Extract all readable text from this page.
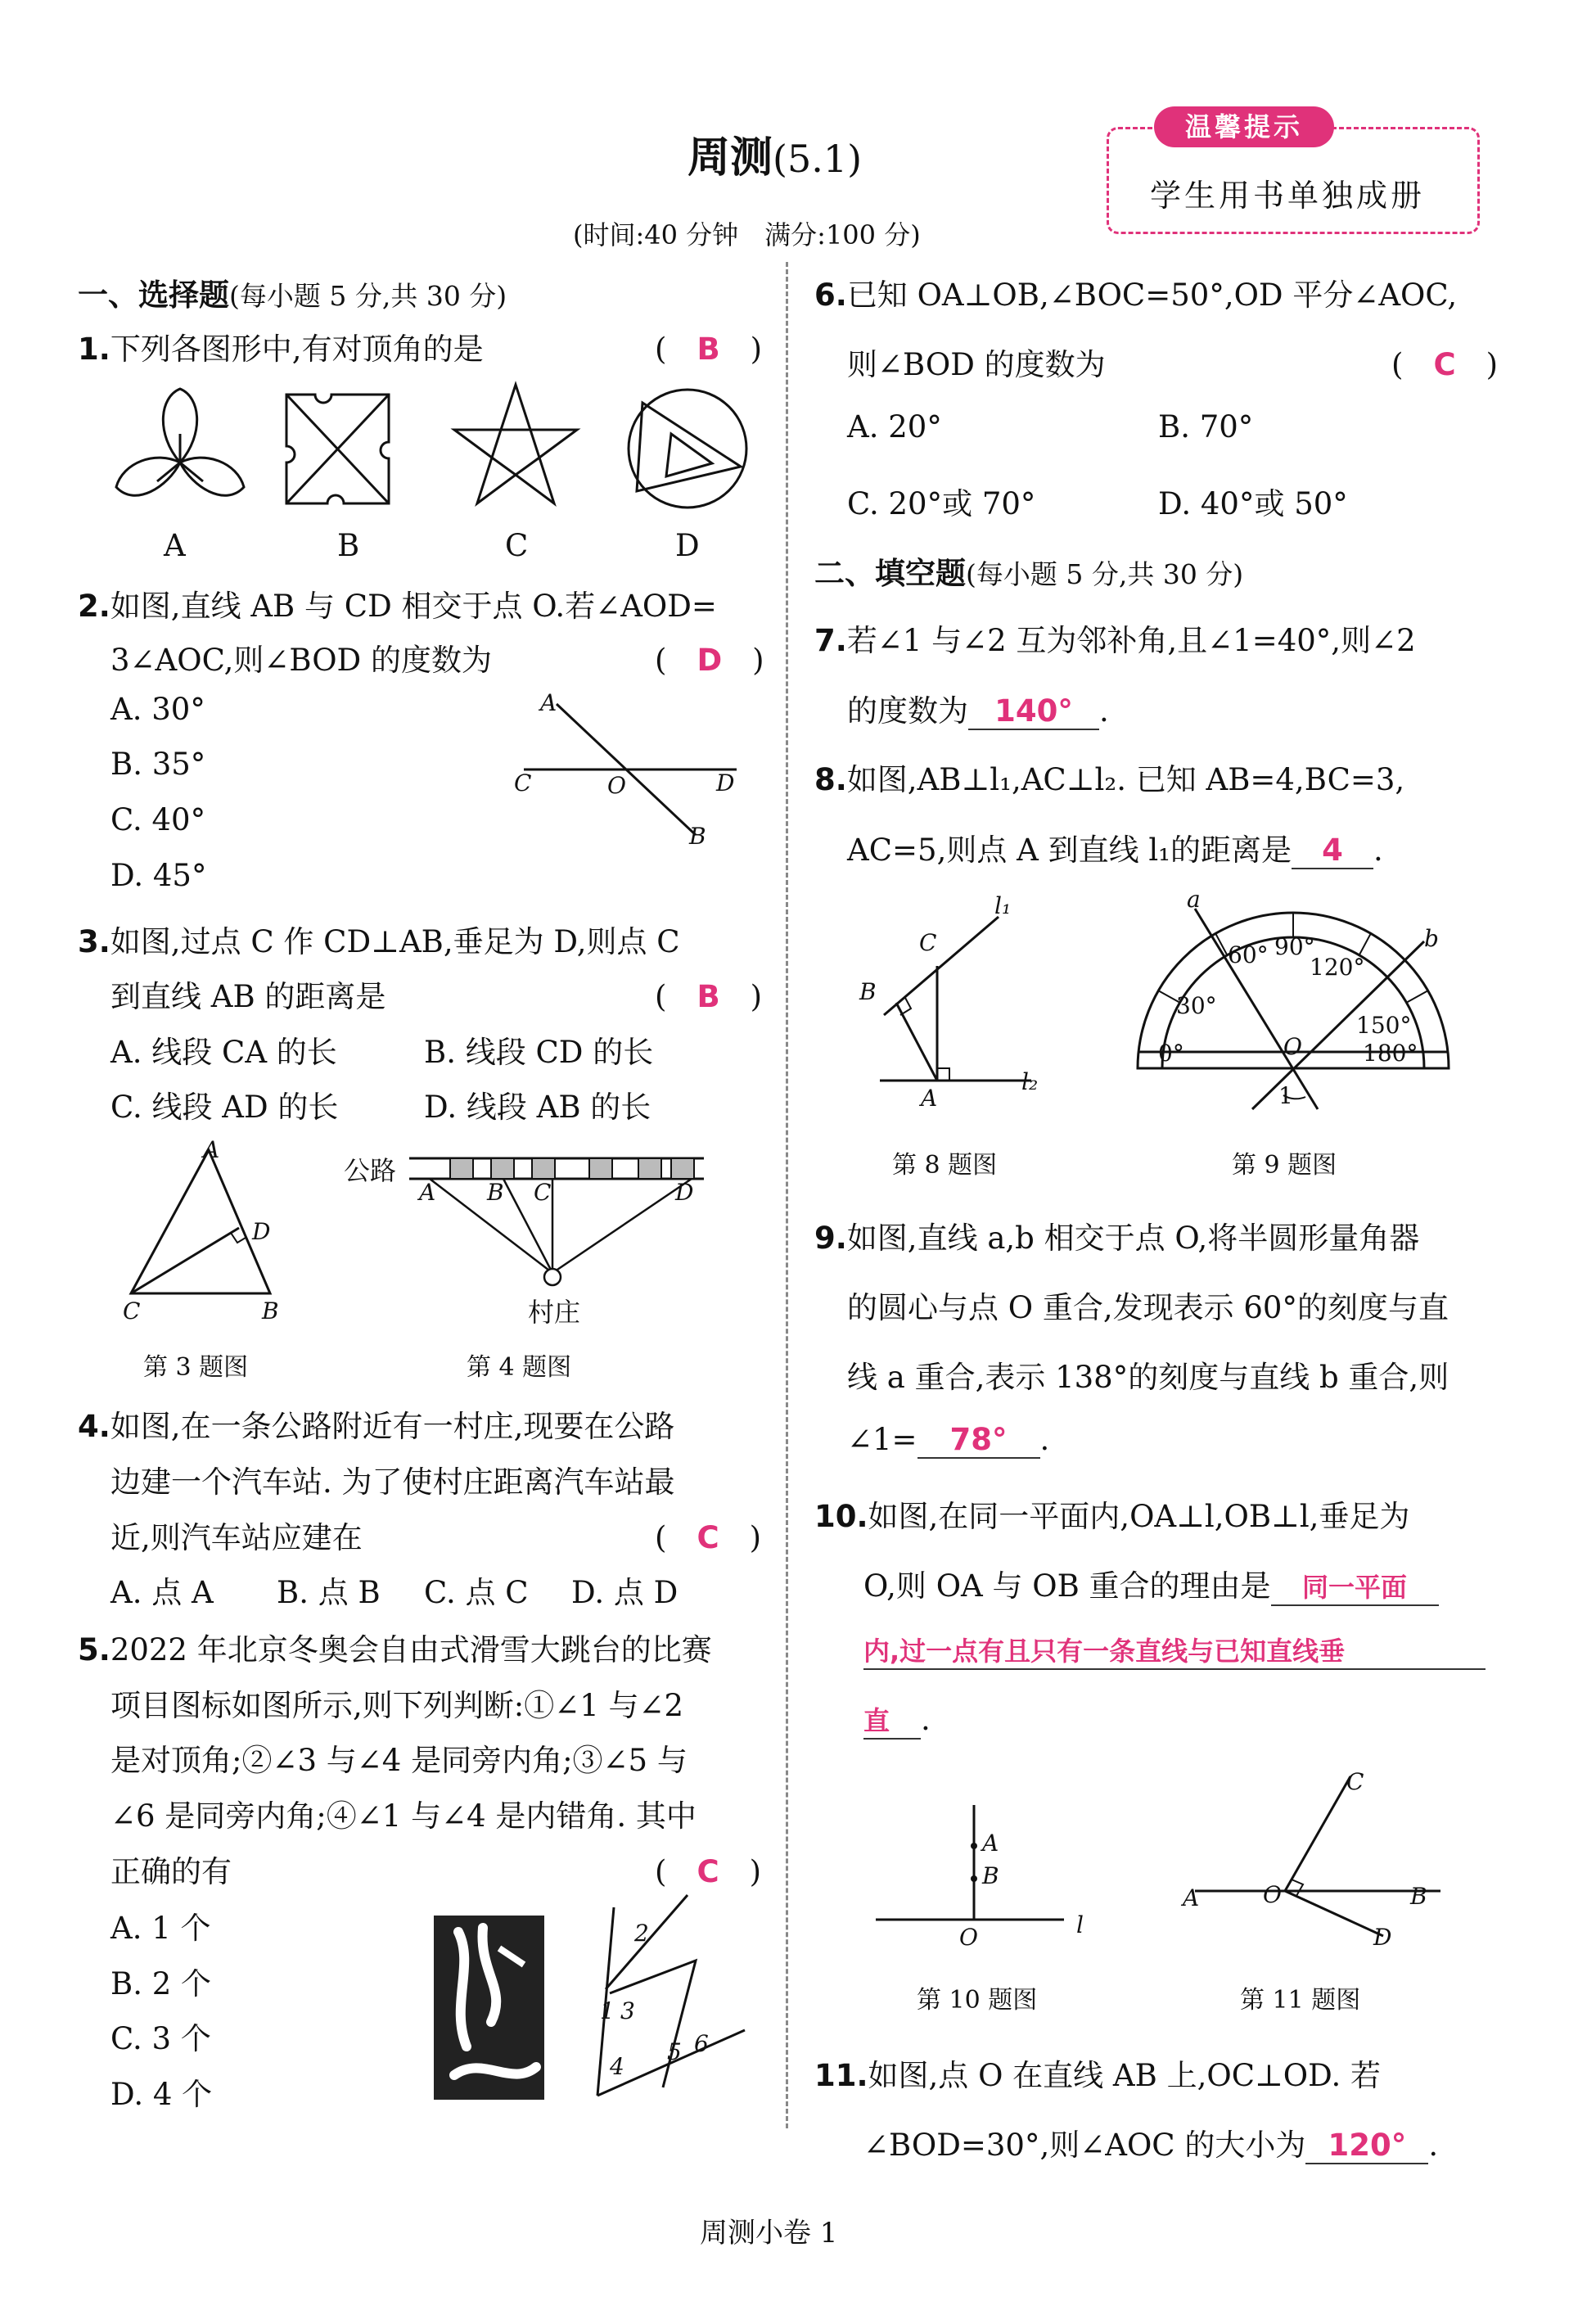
周测(5.1)
(时间:40 分钟　满分:100 分)
温馨提示
学生用书单独成册
一、选择题(每小题 5 分,共 30 分)
1.下列各图形中,有对顶角的是	(　B　)
A	B	C	D
2.如图,直线 AB 与 CD 相交于点 O.若∠AOD=
3∠AOC,则∠BOD 的度数为	(　D　)
A. 30°
B. 35°
C. 40°
D. 45°
A
C	O	D
B
3.如图,过点 C 作 CD⊥AB,垂足为 D,则点 C
到直线 AB 的距离是	(　B　)
A. 线段 CA 的长	B. 线段 CD 的长
C. 线段 AD 的长	D. 线段 AB 的长
A
D
C	B
第 3 题图
公路
A B C	D
村庄
第 4 题图
4.如图,在一条公路附近有一村庄,现要在公路
边建一个汽车站. 为了使村庄距离汽车站最
近,则汽车站应建在	(　C　)
A. 点 A B. 点 B C. 点 C D. 点 D
5.2022 年北京冬奥会自由式滑雪大跳台的比赛
项目图标如图所示,则下列判断:①∠1 与∠2
是对顶角;②∠3 与∠4 是同旁内角;③∠5 与
∠6 是同旁内角;④∠1 与∠4 是内错角. 其中
正确的有	(　C　)
A. 1 个
B. 2 个
C. 3 个
D. 4 个
2
1 3
4
5 6
6.已知 OA⊥OB,∠BOC=50°,OD 平分∠AOC,
则∠BOD 的度数为	(　C　)
A. 20°	B. 70°
C. 20°或 70°	D. 40°或 50°
二、填空题(每小题 5 分,共 30 分)
7.若∠1 与∠2 互为邻补角,且∠1=40°,则∠2
的度数为 140° .
8.如图,AB⊥l₁,AC⊥l₂. 已知 AB=4,BC=3,
AC=5,则点 A 到直线 l₁的距离是 4 .
l₁
C
B
A
l₂
第 8 题图
a
b
60° 90°
120°
30°
150°
0°	180°
O
1
第 9 题图
9.如图,直线 a,b 相交于点 O,将半圆形量角器
的圆心与点 O 重合,发现表示 60°的刻度与直
线 a 重合,表示 138°的刻度与直线 b 重合,则
∠1= 78° .
10.如图,在同一平面内,OA⊥l,OB⊥l,垂足为
O,则 OA 与 OB 重合的理由是 同一平面
内,过一点有且只有一条直线与已知直线垂
直 .
A
B
O	l
第 10 题图
C
A	O	B
D
第 11 题图
11.如图,点 O 在直线 AB 上,OC⊥OD. 若
∠BOD=30°,则∠AOC 的大小为 120° .
周测小卷 1
